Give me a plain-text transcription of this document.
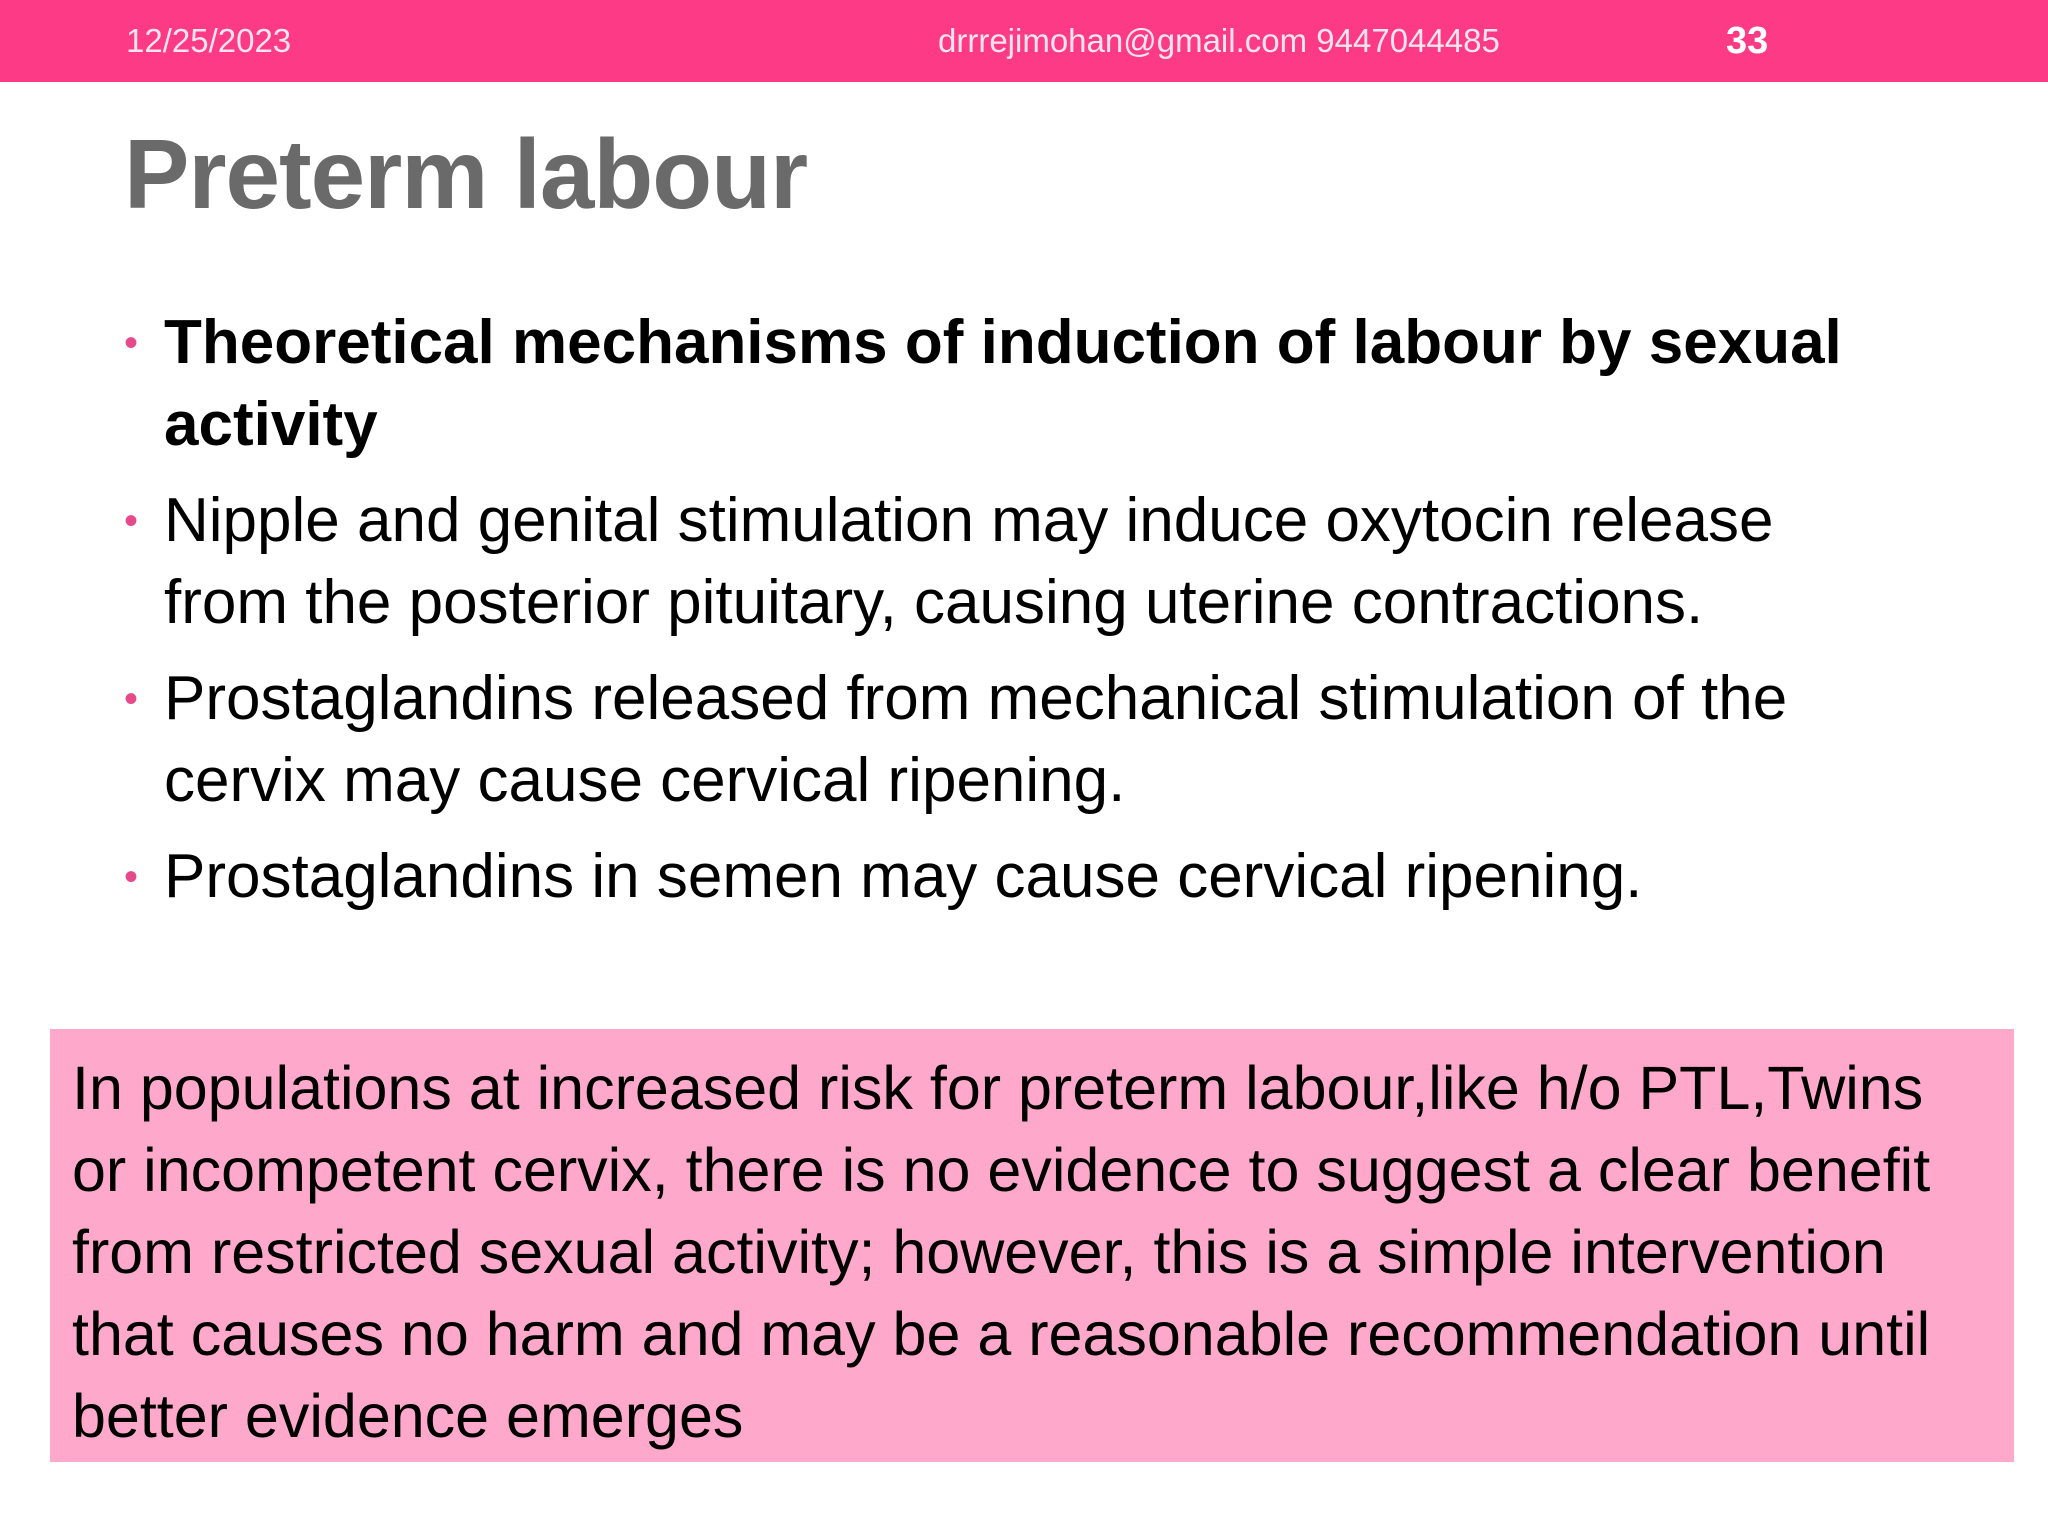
12/25/2023	drrrejimohan@gmail.com 9447044485	33
Preterm labour
• Theoretical mechanisms of induction of labour by sexual activity
• Nipple and genital stimulation may induce oxytocin release from the posterior pituitary, causing uterine contractions.
• Prostaglandins released from mechanical stimulation of the cervix may cause cervical ripening.
• Prostaglandins in semen may cause cervical ripening.

In populations at increased risk for preterm labour,like h/o PTL,Twins or incompetent cervix, there is no evidence to suggest a clear benefit from restricted sexual activity; however, this is a simple intervention that causes no harm and may be a reasonable recommendation until better evidence emerges
